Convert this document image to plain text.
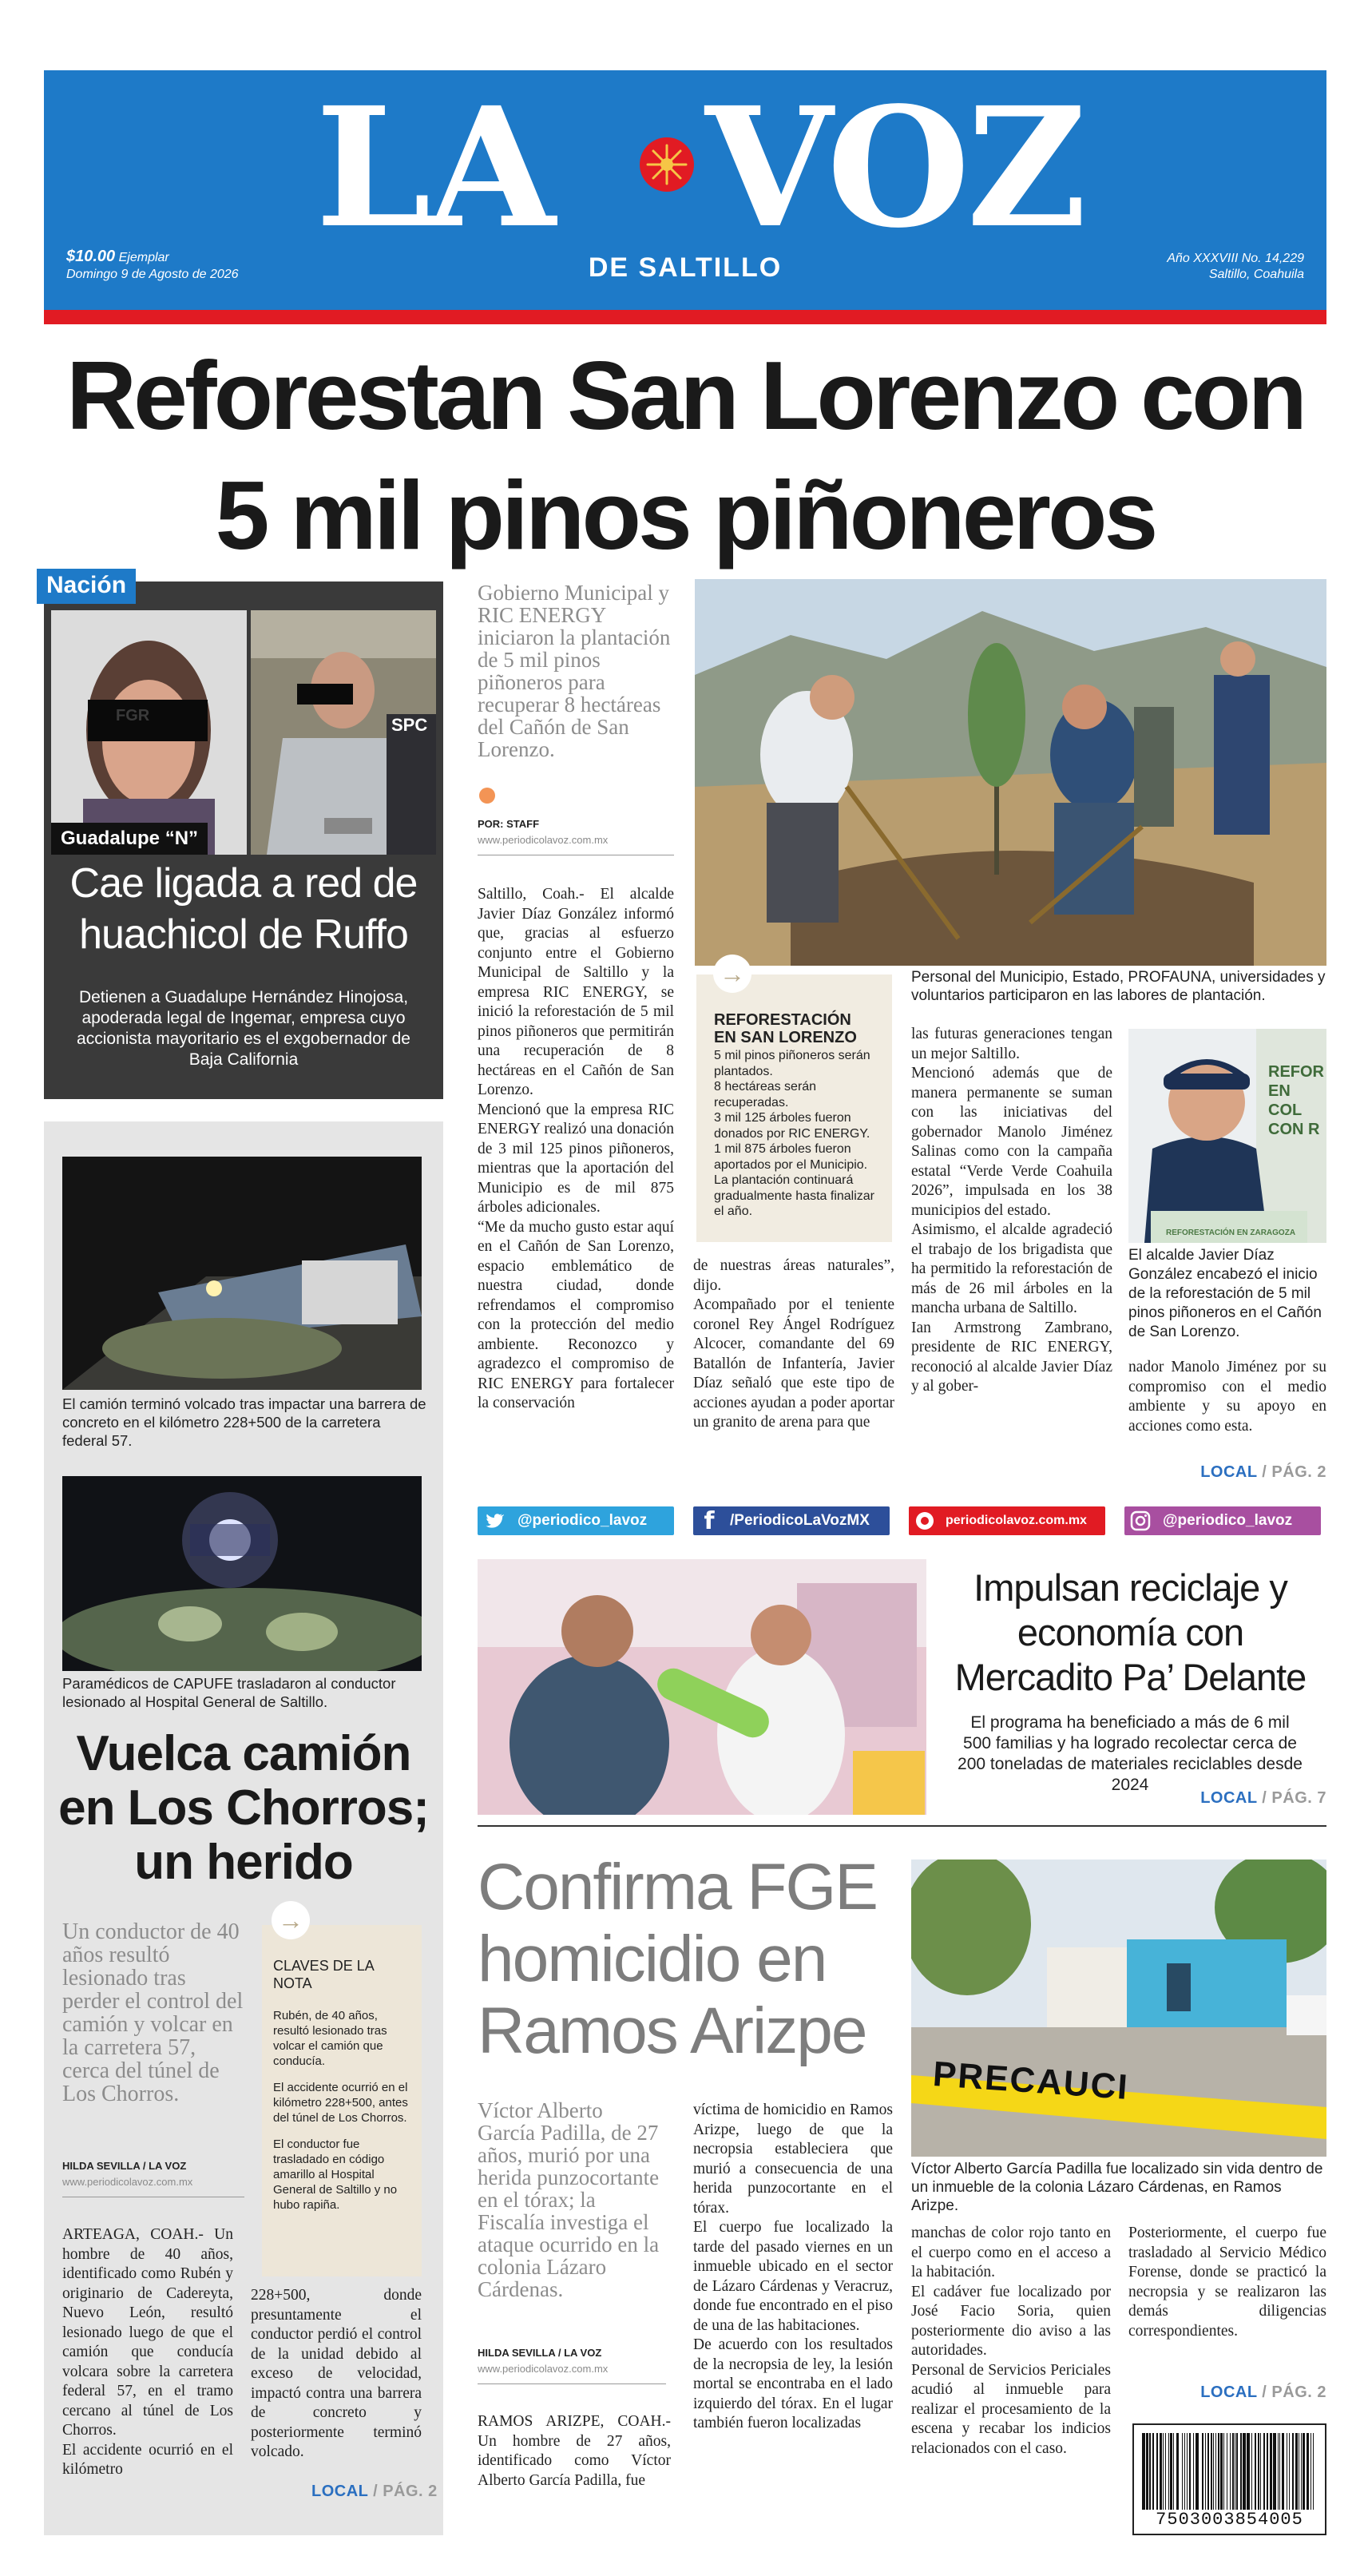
LA VOZ
DE SALTILLO
$10.00 Ejemplar
Domingo 9 de Agosto de 2026
Año XXXVIII No. 14,229
Saltillo, Coahuila
Reforestan San Lorenzo con 5 mil pinos piñoneros
Nación
FGR	SPC
Guadalupe “N”
Cae ligada a red de huachicol de Ruffo
Detienen a Guadalupe Hernández Hinojosa, apoderada legal de Ingemar, empresa cuyo accionista mayoritario es el exgobernador de Baja California
Gobierno Municipal y RIC ENERGY iniciaron la plantación de 5 mil pinos piñoneros para recuperar 8 hectáreas del Cañón de San Lorenzo.
POR: STAFF
www.periodicolavoz.com.mx
Saltillo, Coah.- El alcalde Javier Díaz González informó que, gracias al esfuerzo conjunto entre el Gobierno Municipal de Saltillo y la empresa RIC ENERGY, se inició la reforestación de 5 mil pinos piñoneros que permitirán una recuperación de 8 hectáreas en el Cañón de San Lorenzo.
Mencionó que la empresa RIC ENERGY realizó una donación de 3 mil 125 pinos piñoneros, mientras que la aportación del Municipio es de mil 875 árboles adicionales.
“Me da mucho gusto estar aquí en el Cañón de San Lorenzo, espacio emblemático de nuestra ciudad, donde refrendamos el compromiso con la protección del medio ambiente. Reconozco y agradezco el compromiso de RIC ENERGY para fortalecer la conservación
Personal del Municipio, Estado, PROFAUNA, universidades y voluntarios participaron en las labores de plantación.
→
REFORESTACIÓN EN SAN LORENZO
5 mil pinos piñoneros serán plantados.
8 hectáreas serán recuperadas.
3 mil 125 árboles fueron donados por RIC ENERGY.
1 mil 875 árboles fueron aportados por el Municipio.
La plantación continuará gradualmente hasta finalizar el año.
de nuestras áreas naturales”, dijo.
Acompañado por el teniente coronel Rey Ángel Rodríguez Alcocer, comandante del 69 Batallón de Infantería, Javier Díaz señaló que este tipo de acciones ayudan a poder aportar un granito de arena para que
las futuras generaciones tengan un mejor Saltillo.
Mencionó además que de manera permanente se suman con las iniciativas del gobernador Manolo Jiménez Salinas como con la campaña estatal “Verde Verde Coahuila 2026”, impulsada en los 38 municipios del estado.
Asimismo, el alcalde agradeció el trabajo de los brigadista que ha permitido la reforestación de más de 26 mil árboles en la mancha urbana de Saltillo.
Ian Armstrong Zambrano, presidente de RIC ENERGY, reconoció al alcalde Javier Díaz y al gober-
REFOR EN COL CON R
REFORESTACIÓN EN ZARAGOZA
El alcalde Javier Díaz González encabezó el inicio de la reforestación de 5 mil pinos piñoneros en el Cañón de San Lorenzo.
nador Manolo Jiménez por su compromiso con el medio ambiente y su apoyo en acciones como esta.
LOCAL / PÁG. 2
El camión terminó volcado tras impactar una barrera de concreto en el kilómetro 228+500 de la carretera federal 57.
Paramédicos de CAPUFE trasladaron al conductor lesionado al Hospital General de Saltillo.
Vuelca camión en Los Chorros; un herido
Un conductor de 40 años resultó lesionado tras perder el control del camión y volcar en la carretera 57, cerca del túnel de Los Chorros.
HILDA SEVILLA / LA VOZ
www.periodicolavoz.com.mx
→
CLAVES DE LA NOTA
Rubén, de 40 años, resultó lesionado tras volcar el camión que conducía.
El accidente ocurrió en el kilómetro 228+500, antes del túnel de Los Chorros.
El conductor fue trasladado en código amarillo al Hospital General de Saltillo y no hubo rapiña.
ARTEAGA, COAH.- Un hombre de 40 años, identificado como Rubén y originario de Cadereyta, Nuevo León, resultó lesionado luego de que el camión que conducía volcara sobre la carretera federal 57, en el tramo cercano al túnel de Los Chorros.
El accidente ocurrió en el kilómetro
228+500, donde presuntamente el conductor perdió el control de la unidad debido al exceso de velocidad, impactó contra una barrera de concreto y posteriormente terminó volcado.
LOCAL / PÁG. 2
@periodico_lavoz	f	/PeriodicoLaVozMX	periodicolavoz.com.mx	@periodico_lavoz
Impulsan reciclaje y economía con Mercadito Pa’ Delante
El programa ha beneficiado a más de 6 mil 500 familias y ha logrado recolectar cerca de 200 toneladas de materiales reciclables desde 2024
LOCAL / PÁG. 7
Confirma FGE homicidio en Ramos Arizpe
PRECAUCI
Víctor Alberto García Padilla fue localizado sin vida dentro de un inmueble de la colonia Lázaro Cárdenas, en Ramos Arizpe.
Víctor Alberto García Padilla, de 27 años, murió por una herida punzocortante en el tórax; la Fiscalía investiga el ataque ocurrido en la colonia Lázaro Cárdenas.
HILDA SEVILLA / LA VOZ
www.periodicolavoz.com.mx
RAMOS ARIZPE, COAH.- Un hombre de 27 años, identificado como Víctor Alberto García Padilla, fue
víctima de homicidio en Ramos Arizpe, luego de que la necropsia estableciera que murió a consecuencia de una herida punzocortante en el tórax.
El cuerpo fue localizado la tarde del pasado viernes en un inmueble ubicado en el sector de Lázaro Cárdenas y Veracruz, donde fue encontrado en el piso de una de las habitaciones.
De acuerdo con los resultados de la necropsia de ley, la lesión mortal se encontraba en el lado izquierdo del tórax. En el lugar también fueron localizadas
manchas de color rojo tanto en el cuerpo como en el acceso a la habitación.
El cadáver fue localizado por José Facio Soria, quien posteriormente dio aviso a las autoridades.
Personal de Servicios Periciales acudió al inmueble para realizar el procesamiento de la escena y recabar los indicios relacionados con el caso.
Posteriormente, el cuerpo fue trasladado al Servicio Médico Forense, donde se practicó la necropsia y se realizaron las demás diligencias correspondientes.
LOCAL / PÁG. 2
7503003854005
